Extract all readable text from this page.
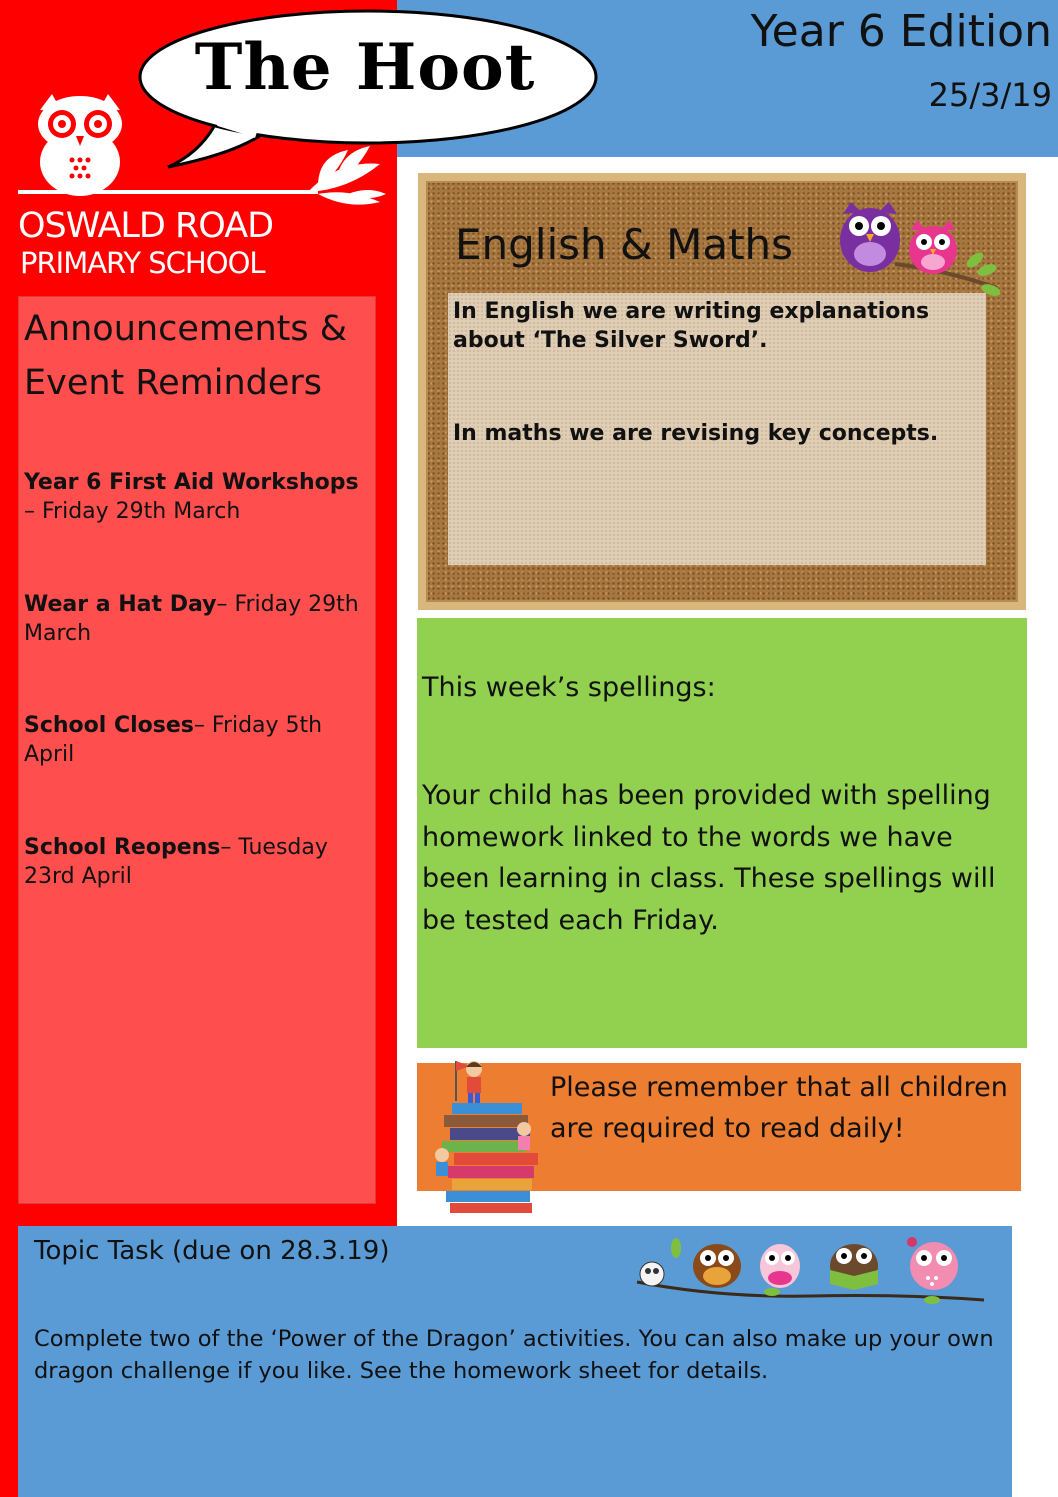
The Hoot	Year 6 Edition
25/3/19
OSWALD ROAD
PRIMARY SCHOOL
Announcements & Event Reminders
Year 6 First Aid Workshops – Friday 29th March
Wear a Hat Day– Friday 29th March
School Closes– Friday 5th April
School Reopens– Tuesday 23rd April
English & Maths
In English we are writing explanations about ‘The Silver Sword’.
In maths we are revising key concepts.
This week’s spellings:
Your child has been provided with spelling homework linked to the words we have been learning in class. These spellings will be tested each Friday.
Please remember that all children are required to read daily!
Topic Task (due on 28.3.19)
Complete two of the ‘Power of the Dragon’ activities. You can also make up your own dragon challenge if you like. See the homework sheet for details.
